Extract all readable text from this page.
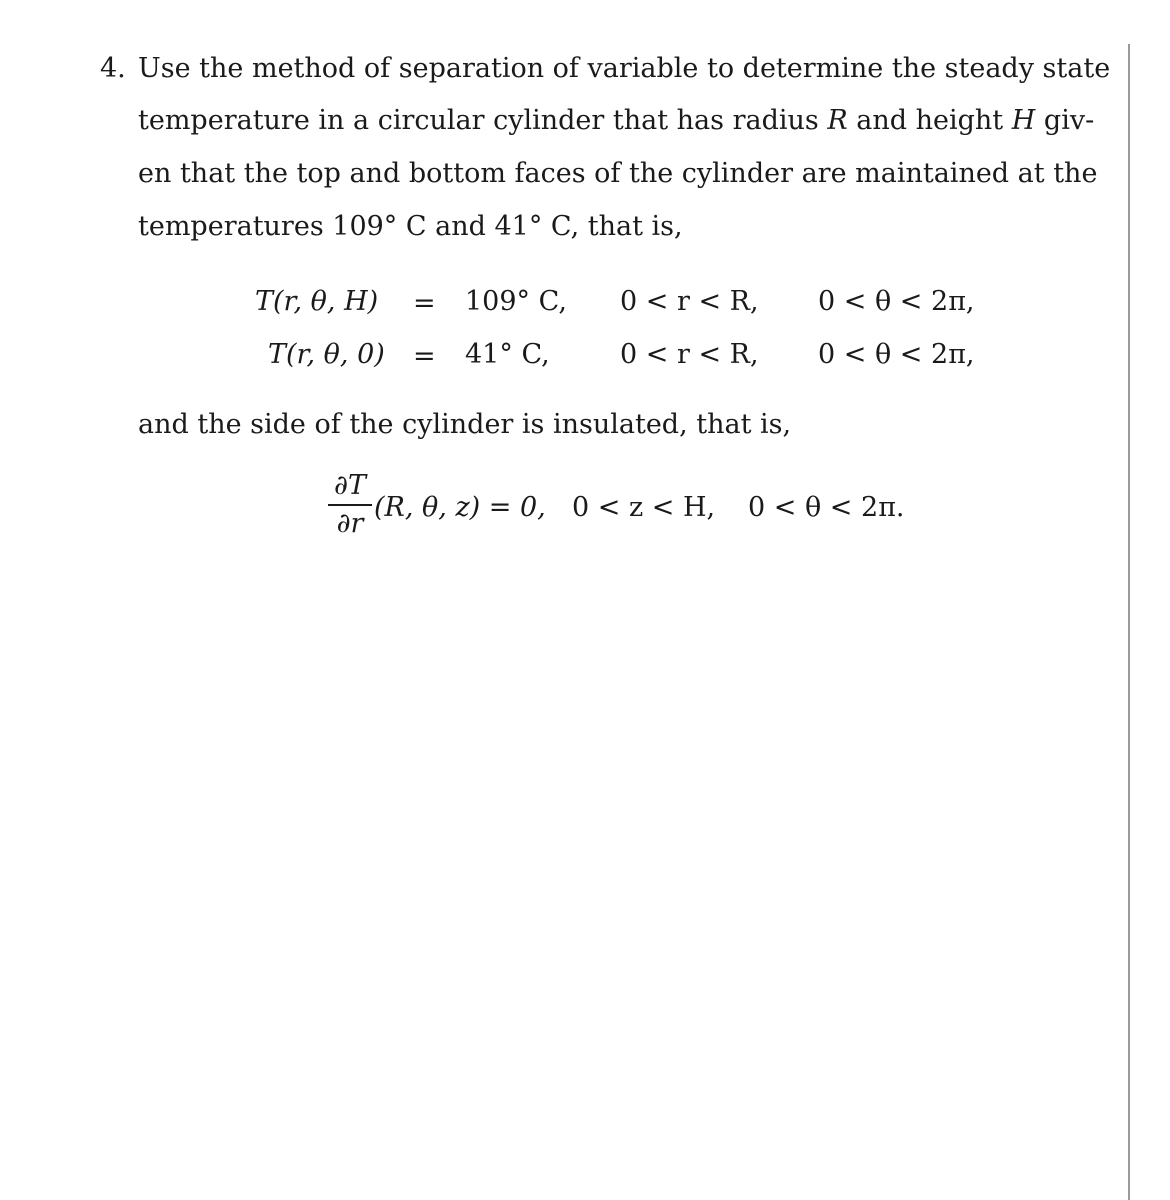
4. Use the method of separation of variable to determine the steady state
temperature in a circular cylinder that has radius R and height H giv-
en that the top and bottom faces of the cylinder are maintained at the
temperatures 109° C and 41° C, that is,
T(r, θ, H) = 109° C, 0 < r < R, 0 < θ < 2π,
T(r, θ, 0) = 41° C,	0 < r < R, 0 < θ < 2π,
and the side of the cylinder is insulated, that is,
∂T
∂r (R, θ, z) = 0, 0 < z < H, 0 < θ < 2π.
